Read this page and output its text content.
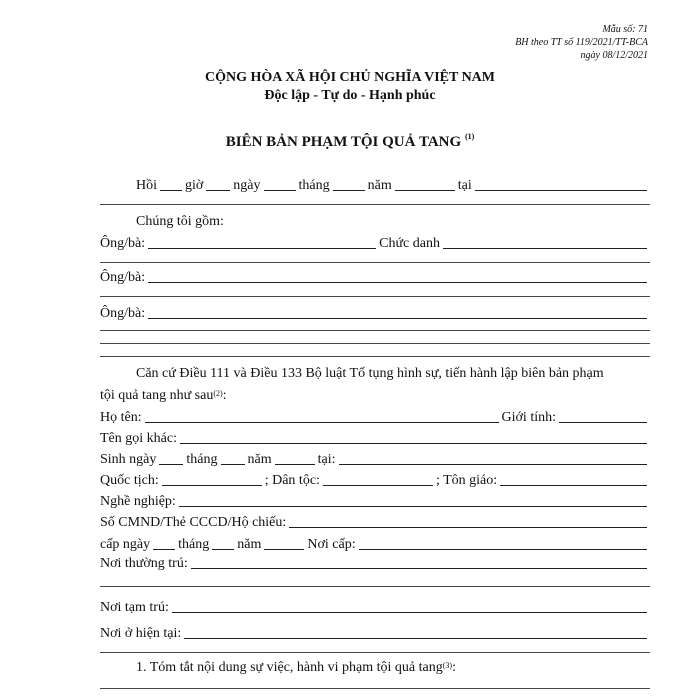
Mẫu số: 71
BH theo TT số 119/2021/TT-BCA
ngày 08/12/2021
CỘNG HÒA XÃ HỘI CHỦ NGHĨA VIỆT NAM
Độc lập - Tự do - Hạnh phúc
BIÊN BẢN PHẠM TỘI QUẢ TANG $^{(1)}$
Hồi giờ ngày	tháng	năm	tại
Chúng tôi gồm:
Ông/bà:	Chức danh
Ông/bà:
Ông/bà:
Căn cứ Điều 111 và Điều 133 Bộ luật Tố tụng hình sự, tiến hành lập biên bản phạm
tội quả tang như sau$^{(2)}$:
Họ tên:	Giới tính:
Tên gọi khác:
Sinh ngày tháng năm	tại:
Quốc tịch:	; Dân tộc:	; Tôn giáo:
Nghề nghiệp:
Số CMND/Thẻ CCCD/Hộ chiếu:
cấp ngày tháng năm	Nơi cấp:
Nơi thường trú:
Nơi tạm trú:
Nơi ở hiện tại:
1. Tóm tắt nội dung sự việc, hành vi phạm tội quả tang$^{(3)}$:
